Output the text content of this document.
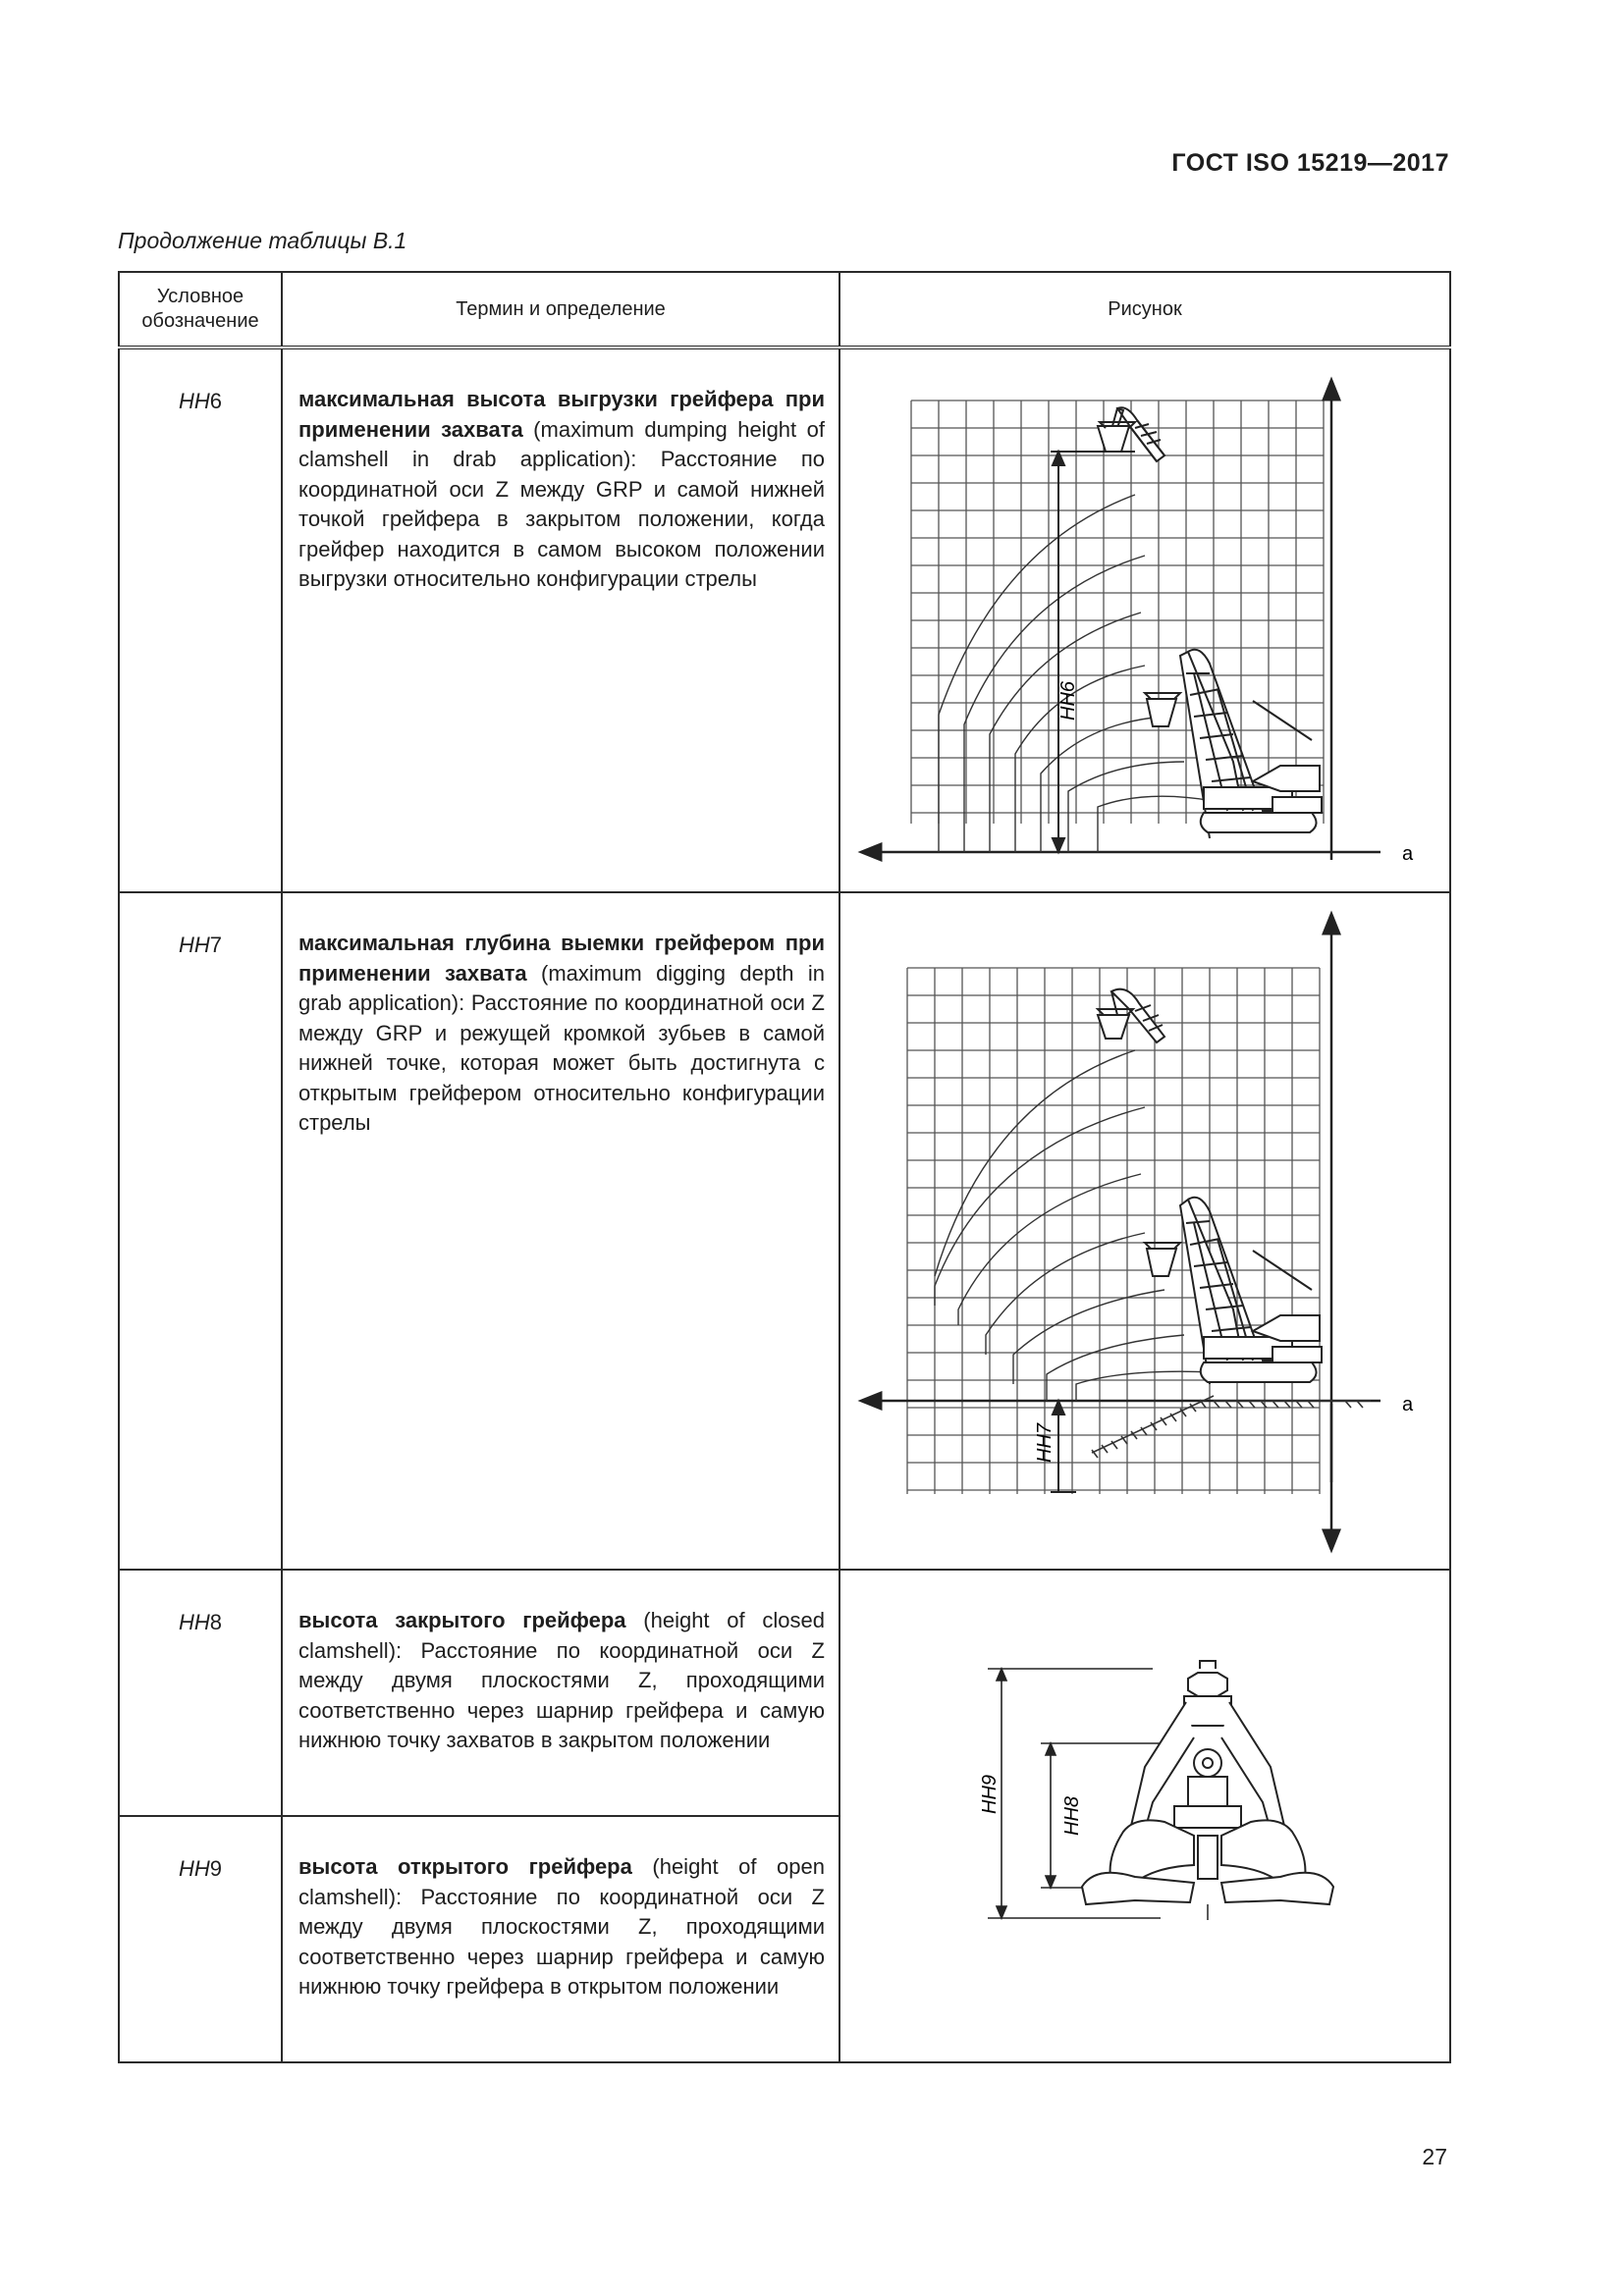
ГОСТ ISO 15219—2017
Продолжение таблицы В.1
Условное обозначение	Термин и определение	Рисунок
HH6	максимальная высота выгрузки грейфера при применении захвата (maximum dumping height of clamshell in drab application): Расстояние по координатной оси Z между GRP и самой нижней точкой грейфера в закрытом положении, когда грейфер находится в самом высоком положении выгрузки относительно конфигурации стрелы	a
HH6

HH7	максимальная глубина выемки грейфером при применении захвата (maximum digging depth in grab application): Расстояние по координатной оси Z между GRP и режущей кромкой зубьев в самой нижней точке, которая может быть достигнута с открытым грейфером относительно конфигурации стрелы	a
HH7

HH8	высота закрытого грейфера (height of closed clamshell): Расстояние по координатной оси Z между двумя плоскостями Z, проходящими соответственно через шарнир грейфера и самую нижнюю точку захватов в закрытом положении	HH9
HH8

HH9	высота открытого грейфера (height of open clamshell): Расстояние по координатной оси Z между двумя плоскостями Z, проходящими соответственно через шарнир грейфера и самую нижнюю точку грейфера в открытом положении	
27
